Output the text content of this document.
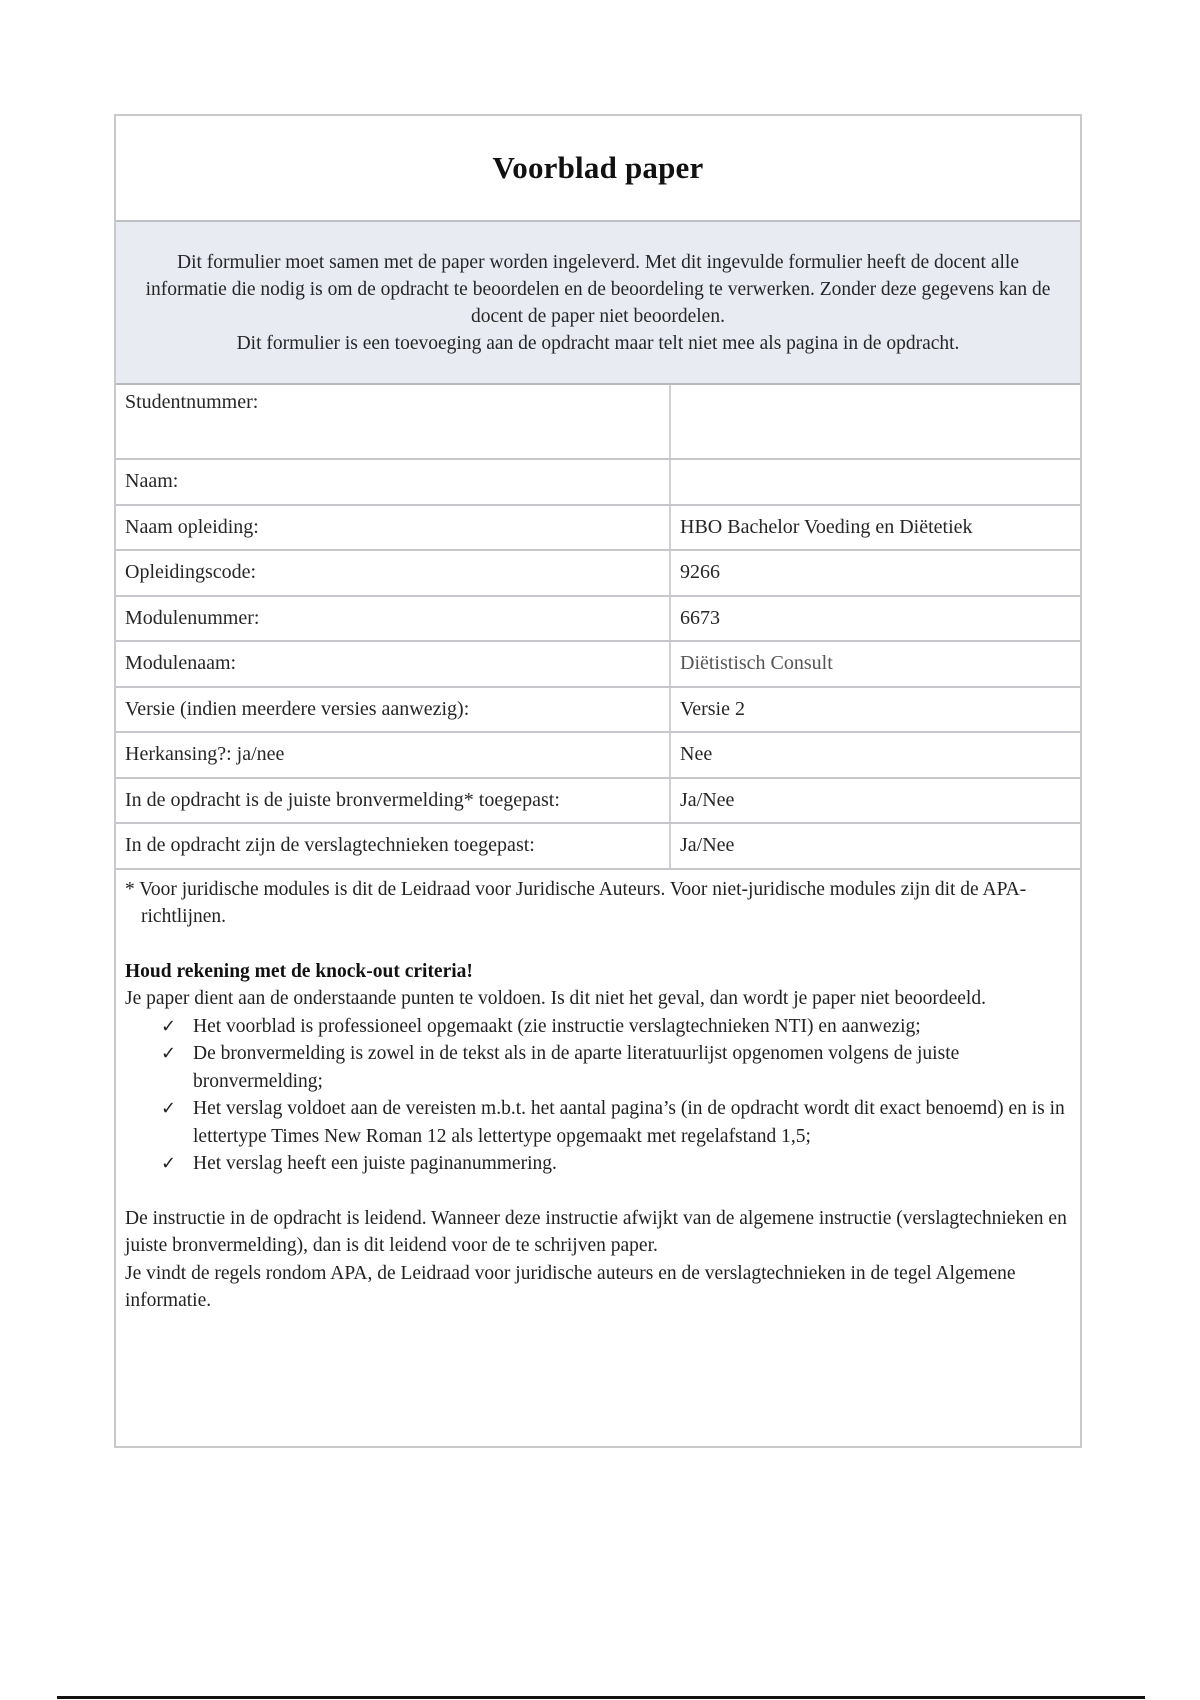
Voorblad paper

Dit formulier moet samen met de paper worden ingeleverd. Met dit ingevulde formulier heeft de docent alle informatie die nodig is om de opdracht te beoordelen en de beoordeling te verwerken. Zonder deze gegevens kan de docent de paper niet beoordelen.
Dit formulier is een toevoeging aan de opdracht maar telt niet mee als pagina in de opdracht.

Studentnummer:	
Naam:	
Naam opleiding:	HBO Bachelor Voeding en Diëtetiek
Opleidingscode:	9266
Modulenummer:	6673
Modulenaam:	Diëtistisch Consult
Versie (indien meerdere versies aanwezig):	Versie 2
Herkansing?: ja/nee	Nee
In de opdracht is de juiste bronvermelding* toegepast:	Ja/Nee
In de opdracht zijn de verslagtechnieken toegepast:	Ja/Nee

* Voor juridische modules is dit de Leidraad voor Juridische Auteurs. Voor niet-juridische modules zijn dit de APA-richtlijnen.

Houd rekening met de knock-out criteria!

Je paper dient aan de onderstaande punten te voldoen. Is dit niet het geval, dan wordt je paper niet beoordeeld.

✓ Het voorblad is professioneel opgemaakt (zie instructie verslagtechnieken NTI) en aanwezig;
✓ De bronvermelding is zowel in de tekst als in de aparte literatuurlijst opgenomen volgens de juiste bronvermelding;
✓ Het verslag voldoet aan de vereisten m.b.t. het aantal pagina’s (in de opdracht wordt dit exact benoemd) en is in lettertype Times New Roman 12 als lettertype opgemaakt met regelafstand 1,5;
✓ Het verslag heeft een juiste paginanummering.

De instructie in de opdracht is leidend. Wanneer deze instructie afwijkt van de algemene instructie (verslagtechnieken en juiste bronvermelding), dan is dit leidend voor de te schrijven paper.

Je vindt de regels rondom APA, de Leidraad voor juridische auteurs en de verslagtechnieken in de tegel Algemene informatie.
